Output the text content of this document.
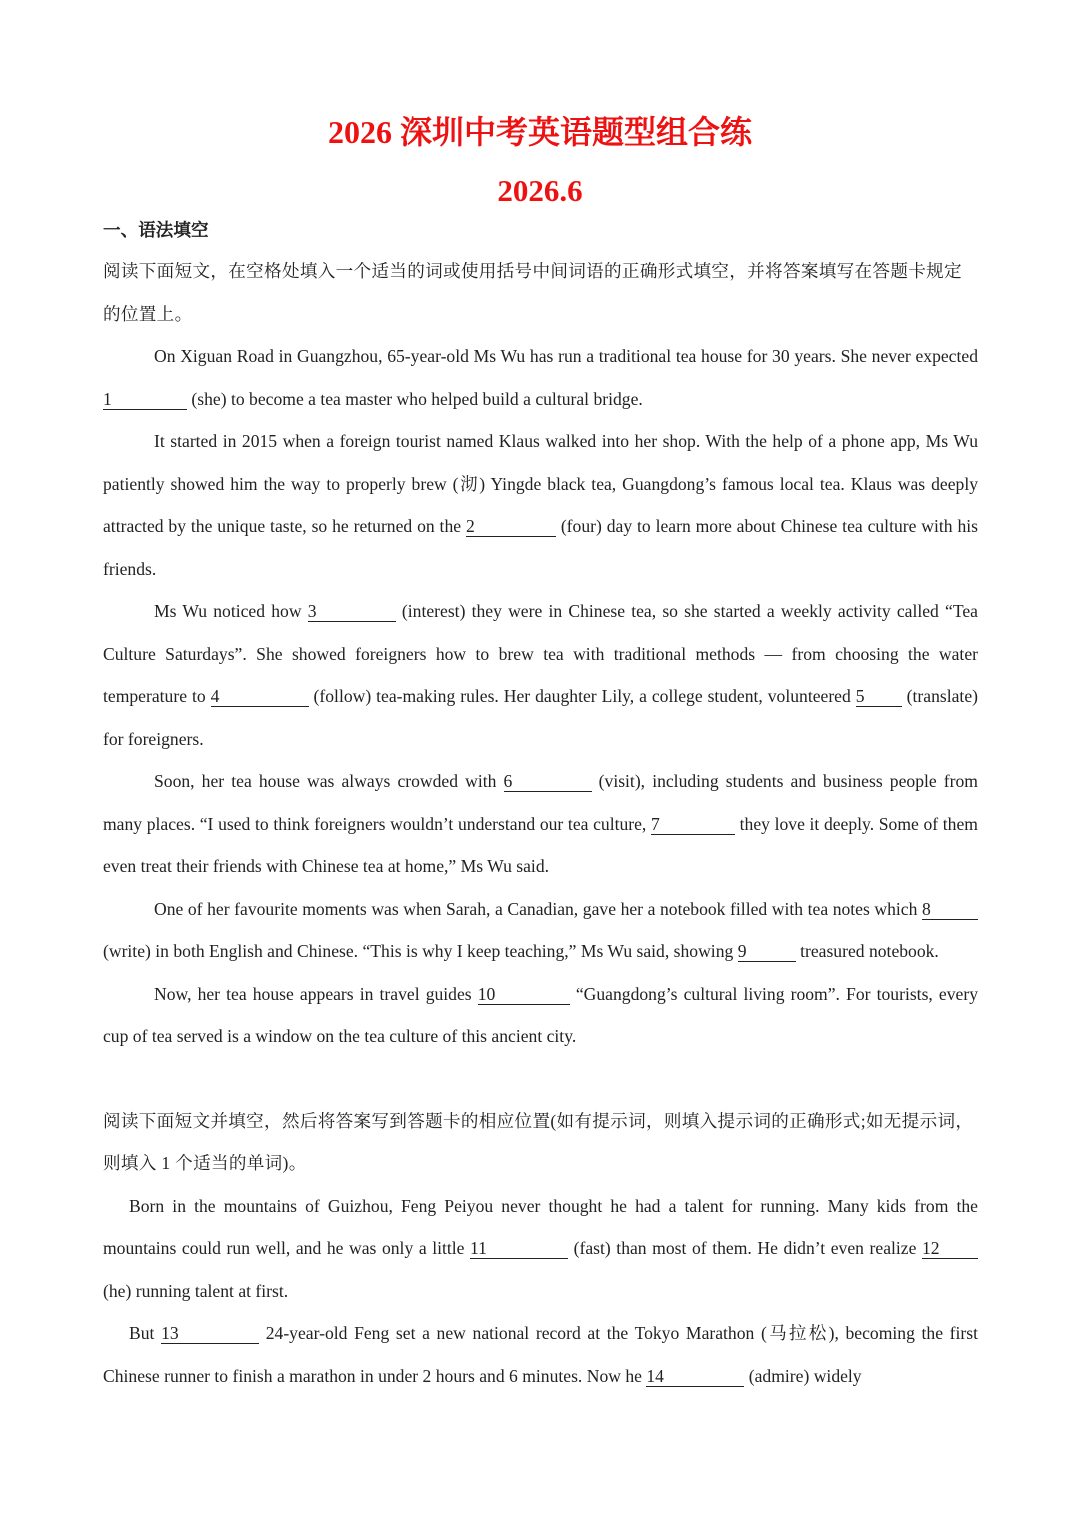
2026 深圳中考英语题型组合练
2026.6

一、语法填空

阅读下面短文，在空格处填入一个适当的词或使用括号中间词语的正确形式填空，并将答案填写在答题卡规定的位置上。

On Xiguan Road in Guangzhou, 65-year-old Ms Wu has run a traditional tea house for 30 years. She never expected 1	(she) to become a tea master who helped build a cultural bridge.

It started in 2015 when a foreign tourist named Klaus walked into her shop. With the help of a phone app, Ms Wu patiently showed him the way to properly brew (沏) Yingde black tea, Guangdong’s famous local tea. Klaus was deeply attracted by the unique taste, so he returned on the 2	(four) day to learn more about Chinese tea culture with his friends.

Ms Wu noticed how 3	(interest) they were in Chinese tea, so she started a weekly activity called “Tea Culture Saturdays”. She showed foreigners how to brew tea with traditional methods — from choosing the water temperature to 4	(follow) tea-making rules. Her daughter Lily, a college student, volunteered 5 (translate) for foreigners.

Soon, her tea house was always crowded with 6	(visit), including students and business people from many places. “I used to think foreigners wouldn’t understand our tea culture, 7	they love it deeply. Some of them even treat their friends with Chinese tea at home,” Ms Wu said.

One of her favourite moments was when Sarah, a Canadian, gave her a notebook filled with tea notes which 8 (write) in both English and Chinese. “This is why I keep teaching,” Ms Wu said, showing 9	treasured notebook.

Now, her tea house appears in travel guides 10	“Guangdong’s cultural living room”. For tourists, every cup of tea served is a window on the tea culture of this ancient city.

阅读下面短文并填空，然后将答案写到答题卡的相应位置(如有提示词，则填入提示词的正确形式;如无提示词，则填入 1 个适当的单词)。

Born in the mountains of Guizhou, Feng Peiyou never thought he had a talent for running. Many kids from the mountains could run well, and he was only a little 11	(fast) than most of them. He didn’t even realize 12 (he) running talent at first.

But 13	24-year-old Feng set a new national record at the Tokyo Marathon (马拉松), becoming the first Chinese runner to finish a marathon in under 2 hours and 6 minutes. Now he 14	(admire) widely
